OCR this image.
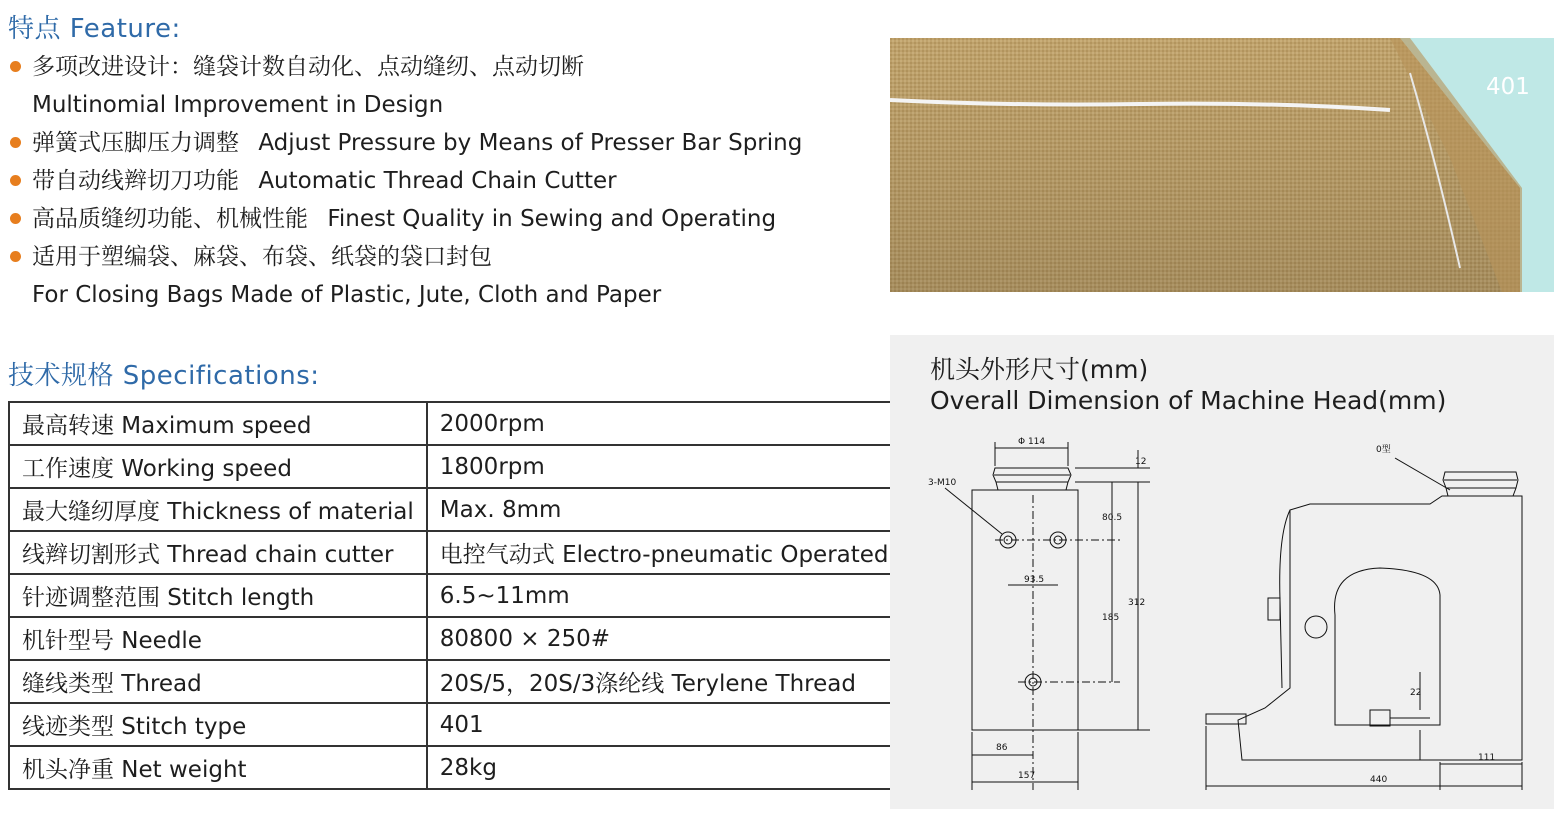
特点 Feature:
多项改进设计：缝袋计数自动化、点动缝纫、点动切断
Multinomial Improvement in Design
弹簧式压脚压力调整 Adjust Pressure by Means of Presser Bar Spring
带自动线辫切刀功能 Automatic Thread Chain Cutter
高品质缝纫功能、机械性能 Finest Quality in Sewing and Operating
适用于塑编袋、麻袋、布袋、纸袋的袋口封包
For Closing Bags Made of Plastic, Jute, Cloth and Paper
技术规格 Specifications:
最高转速 Maximum speed	2000rpm
工作速度 Working speed	1800rpm
最大缝纫厚度 Thickness of material	Max. 8mm
线辫切割形式 Thread chain cutter	电控气动式 Electro-pneumatic Operated
针迹调整范围 Stitch length	6.5~11mm
机针型号 Needle	80800 × 250#
缝线类型 Thread	20S/5，20S/3涤纶线 Terylene Thread
线迹类型 Stitch type	401
机头净重 Net weight	28kg
401
机头外形尺寸(mm)
Overall Dimension of Machine Head(mm)
Φ 114
3-M10
12
80.5
93.5
312
185
86
157
0型
22
111
440
